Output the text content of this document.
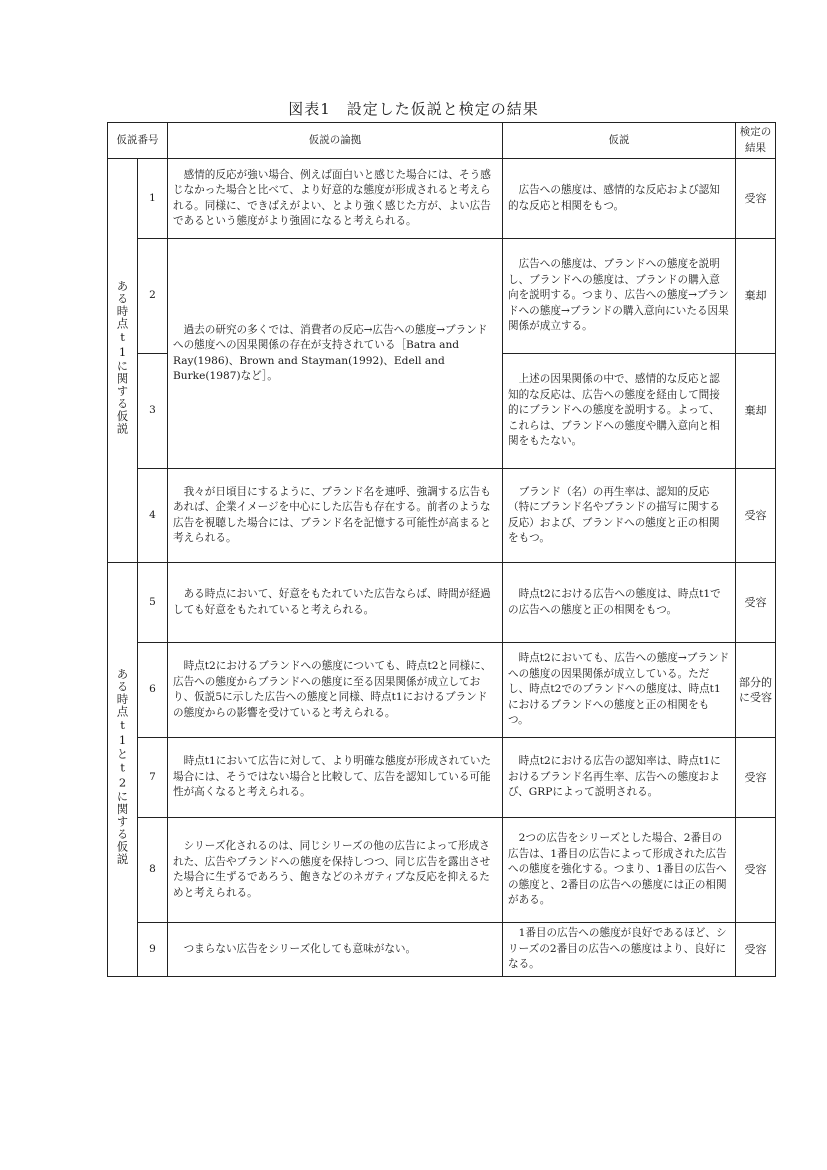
図表1　設定した仮説と検定の結果
仮説番号		仮説の論拠	仮説	検定の結果
ある時点t1に関する仮説	1	感情的反応が強い場合、例えば面白いと感じた場合には、そう感じなかった場合と比べて、より好意的な態度が形成されると考えられる。同様に、できばえがよい、とより強く感じた方が、よい広告であるという態度がより強固になると考えられる。	広告への態度は、感情的な反応および認知的な反応と相関をもつ。	受容
	2	過去の研究の多くでは、消費者の反応→広告への態度→ブランドへの態度への因果関係の存在が支持されている［Batra and Ray(1986)、Brown and Stayman(1992)、Edell and Burke(1987)など］。	広告への態度は、ブランドへの態度を説明し、ブランドへの態度は、ブランドの購入意向を説明する。つまり、広告への態度→ブランドへの態度→ブランドの購入意向にいたる因果関係が成立する。	棄却
	3		上述の因果関係の中で、感情的な反応と認知的な反応は、広告への態度を経由して間接的にブランドへの態度を説明する。よって、これらは、ブランドへの態度や購入意向と相関をもたない。	棄却
	4	我々が日頃目にするように、ブランド名を連呼、強調する広告もあれば、企業イメージを中心にした広告も存在する。前者のような広告を視聴した場合には、ブランド名を記憶する可能性が高まると考えられる。	ブランド（名）の再生率は、認知的反応（特にブランド名やブランドの描写に関する反応）および、ブランドへの態度と正の相関をもつ。	受容
ある時点t1とt2に関する仮説	5	ある時点において、好意をもたれていた広告ならば、時間が経過しても好意をもたれていると考えられる。	時点t2における広告への態度は、時点t1での広告への態度と正の相関をもつ。	受容
	6	時点t2におけるブランドへの態度についても、時点t2と同様に、広告への態度からブランドへの態度に至る因果関係が成立しており、仮説5に示した広告への態度と同様、時点t1におけるブランドの態度からの影響を受けていると考えられる。	時点t2においても、広告への態度→ブランドへの態度の因果関係が成立している。ただし、時点t2でのブランドへの態度は、時点t1におけるブランドへの態度と正の相関をもつ。	部分的に受容
	7	時点t1において広告に対して、より明確な態度が形成されていた場合には、そうではない場合と比較して、広告を認知している可能性が高くなると考えられる。	時点t2における広告の認知率は、時点t1におけるブランド名再生率、広告への態度および、GRPによって説明される。	受容
	8	シリーズ化されるのは、同じシリーズの他の広告によって形成された、広告やブランドへの態度を保持しつつ、同じ広告を露出させた場合に生ずるであろう、飽きなどのネガティブな反応を抑えるためと考えられる。	2つの広告をシリーズとした場合、2番目の広告は、1番目の広告によって形成された広告への態度を強化する。つまり、1番目の広告への態度と、2番目の広告への態度には正の相関がある。	受容
	9	つまらない広告をシリーズ化しても意味がない。	1番目の広告への態度が良好であるほど、シリーズの2番目の広告への態度はより、良好になる。	受容
